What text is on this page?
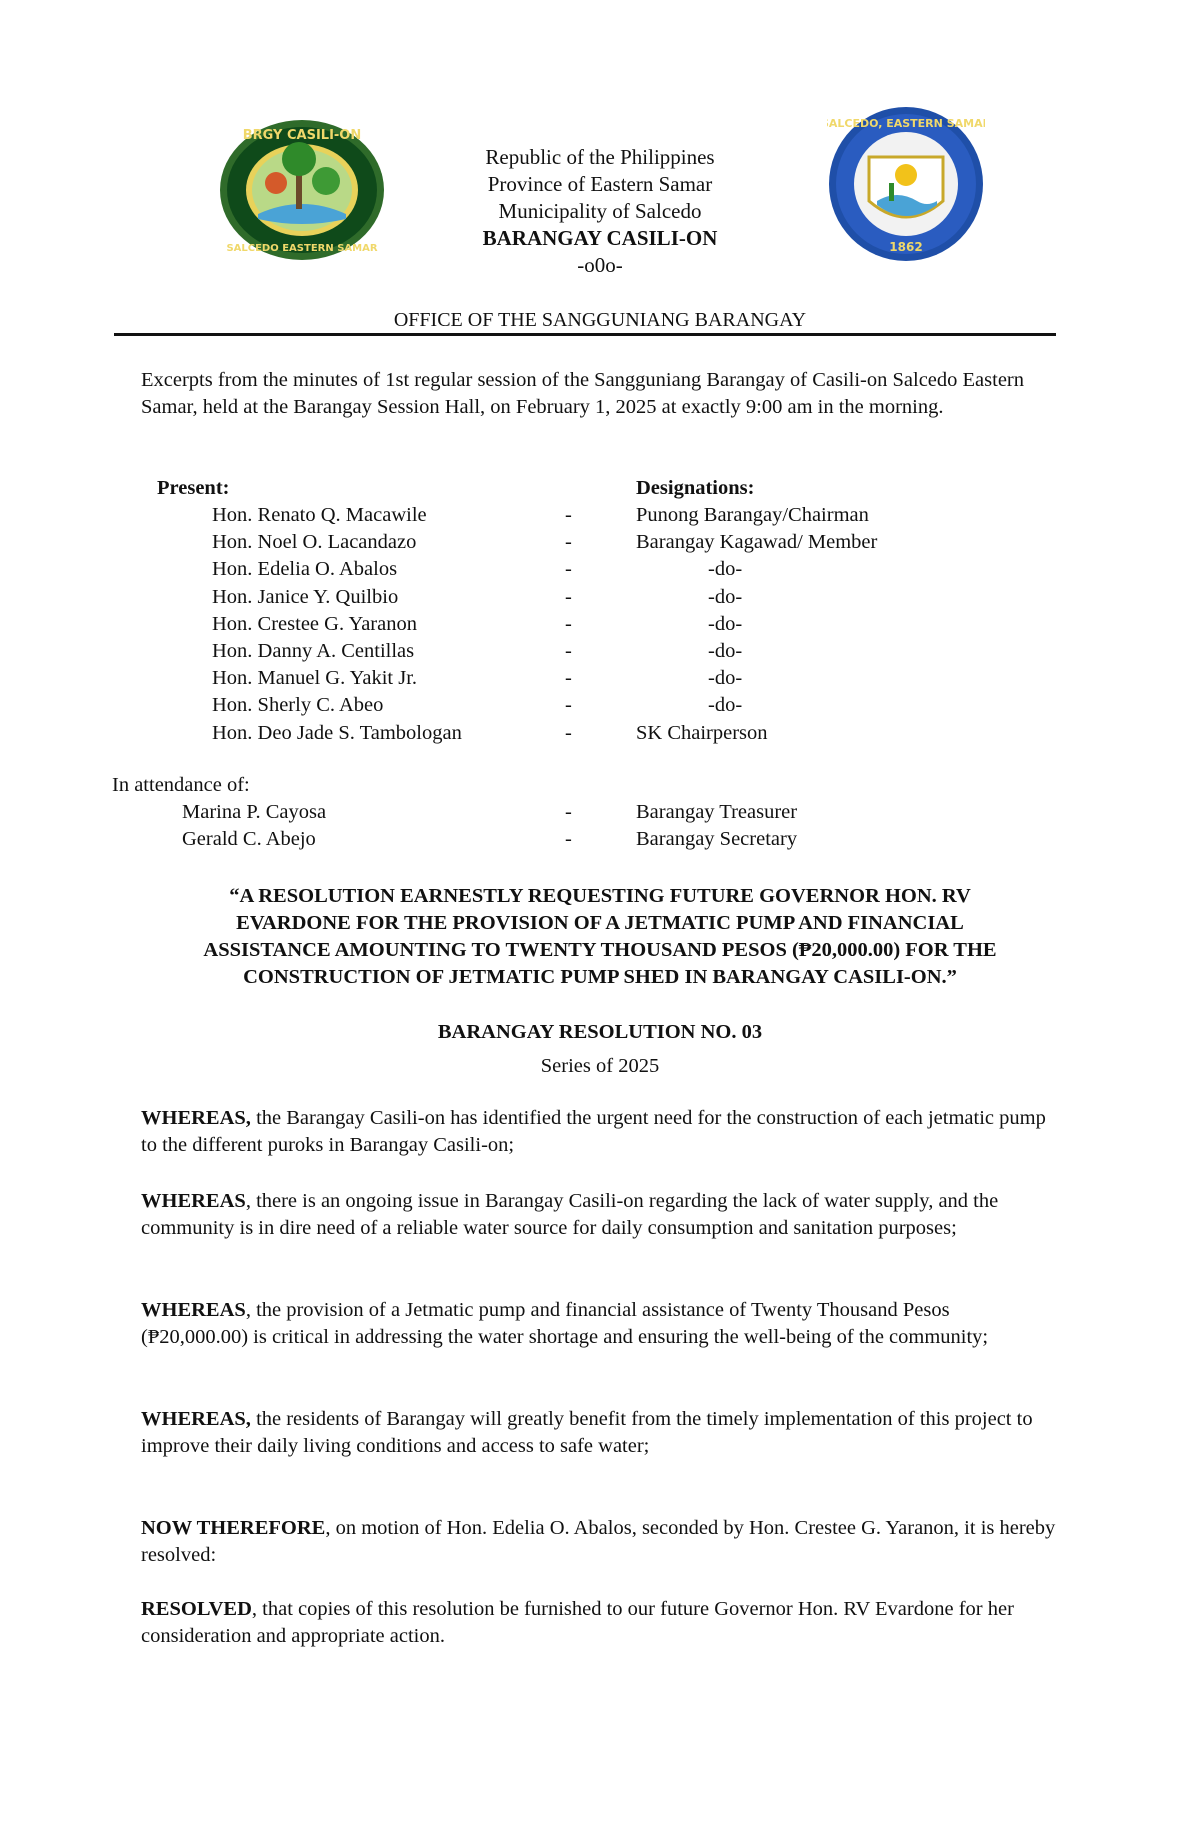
BRGY CASILI-ON
SALCEDO EASTERN SAMAR
SALCEDO, EASTERN SAMAR
1862
Republic of the Philippines
Province of Eastern Samar
Municipality of Salcedo
BARANGAY CASILI-ON
-o0o-
OFFICE OF THE SANGGUNIANG BARANGAY

Excerpts from the minutes of 1st regular session of the Sangguniang Barangay of Casili-on Salcedo Eastern Samar, held at the Barangay Session Hall, on February 1, 2025 at exactly 9:00 am in the morning.

Present:	Designations:
Hon. Renato Q. Macawile	-	Punong Barangay/Chairman
Hon. Noel O. Lacandazo	-	Barangay Kagawad/ Member
Hon. Edelia O. Abalos	-	-do-
Hon. Janice Y. Quilbio	-	-do-
Hon. Crestee G. Yaranon	-	-do-
Hon. Danny A. Centillas	-	-do-
Hon. Manuel G. Yakit Jr.	-	-do-
Hon. Sherly C. Abeo	-	-do-
Hon. Deo Jade S. Tambologan	-	SK Chairperson
In attendance of:
Marina P. Cayosa	-	Barangay Treasurer
Gerald C. Abejo	-	Barangay Secretary
“A RESOLUTION EARNESTLY REQUESTING FUTURE GOVERNOR HON. RV
EVARDONE FOR THE PROVISION OF A JETMATIC PUMP AND FINANCIAL
ASSISTANCE AMOUNTING TO TWENTY THOUSAND PESOS (₱20,000.00) FOR THE
CONSTRUCTION OF JETMATIC PUMP SHED IN BARANGAY CASILI-ON.”
BARANGAY RESOLUTION NO. 03
Series of 2025

WHEREAS, the Barangay Casili-on has identified the urgent need for the construction of each jetmatic pump to the different puroks in Barangay Casili-on;

WHEREAS, there is an ongoing issue in Barangay Casili-on regarding the lack of water supply, and the community is in dire need of a reliable water source for daily consumption and sanitation purposes;

WHEREAS, the provision of a Jetmatic pump and financial assistance of Twenty Thousand Pesos (₱20,000.00) is critical in addressing the water shortage and ensuring the well-being of the community;

WHEREAS, the residents of Barangay will greatly benefit from the timely implementation of this project to improve their daily living conditions and access to safe water;

NOW THEREFORE, on motion of Hon. Edelia O. Abalos, seconded by Hon. Crestee G. Yaranon, it is hereby resolved:

RESOLVED, that copies of this resolution be furnished to our future Governor Hon. RV Evardone for her consideration and appropriate action.
